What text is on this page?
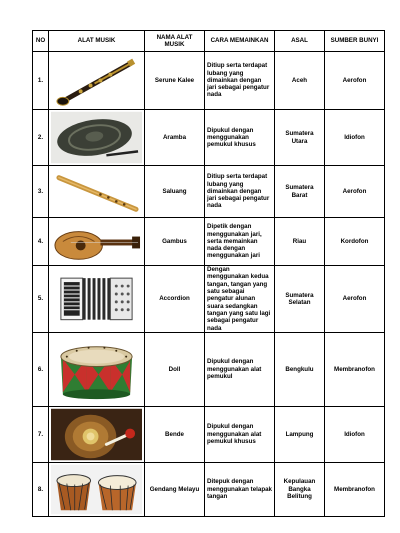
NO	ALAT MUSIK	NAMA ALAT MUSIK	CARA MEMAINKAN	ASAL	SUMBER BUNYI
1.		Serune Kalee	Ditiup serta terdapat lubang yang dimainkan dengan jari sebagai pengatur nada	Aceh	Aerofon
2.		Aramba	Dipukul dengan menggunakan pemukul khusus	Sumatera Utara	Idiofon
3.		Saluang	Ditiup serta terdapat lubang yang dimainkan dengan jari sebagai pengatur nada	Sumatera Barat	Aerofon
4.		Gambus	Dipetik dengan menggunakan jari, serta memainkan nada dengan menggunakan jari	Riau	Kordofon
5.		Accordion	Dengan menggunakan kedua tangan, tangan yang satu sebagai pengatur alunan suara sedangkan tangan yang satu lagi sebagai pengatur nada	Sumatera Selatan	Aerofon
6.		Doll	Dipukul dengan menggunakan alat pemukul	Bengkulu	Membranofon
7.		Bende	Dipukul dengan menggunakan alat pemukul khusus	Lampung	Idiofon
8.		Gendang Melayu	Ditepuk dengan menggunakan telapak tangan	Kepulauan Bangka Belitung	Membranofon
